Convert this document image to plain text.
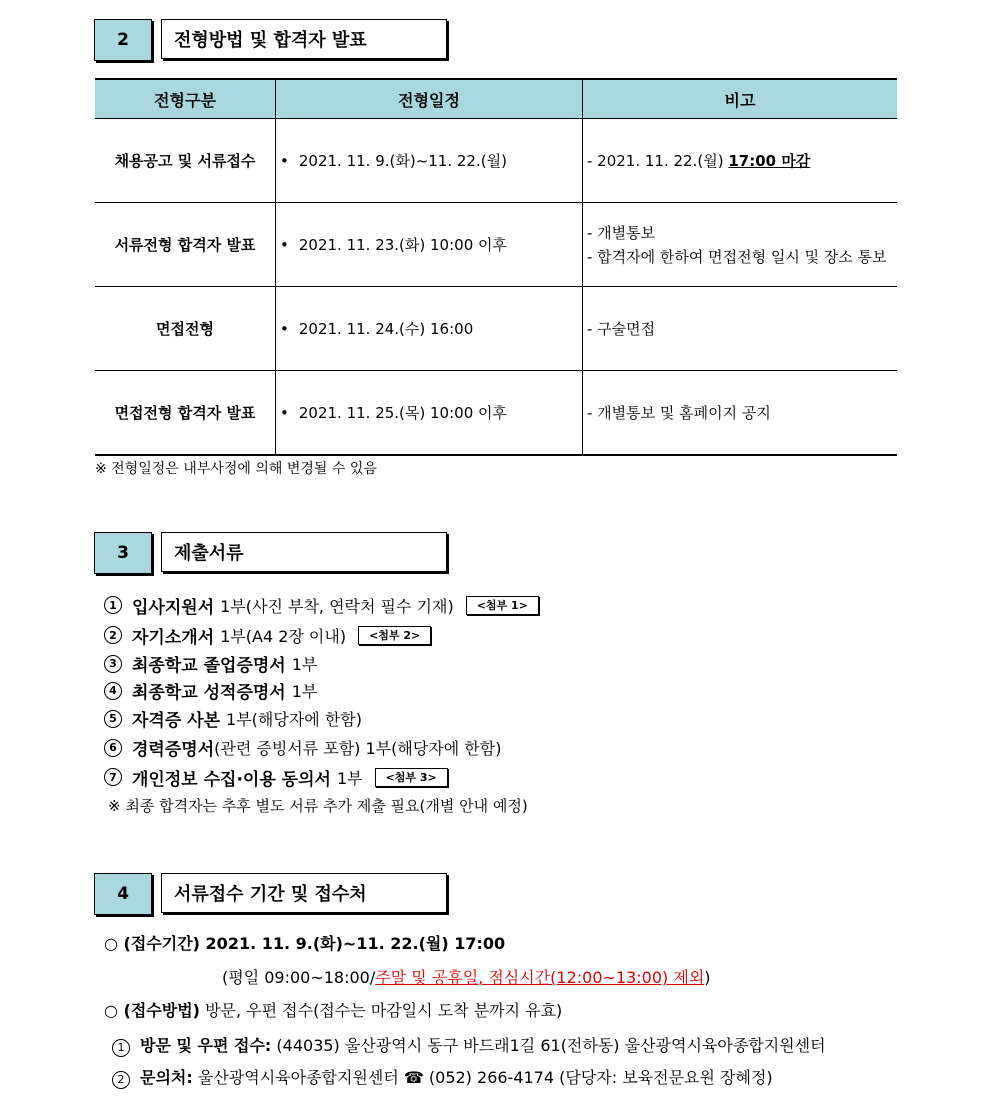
2	전형방법 및 합격자 발표
전형구분	전형일정	비고
채용공고 및 서류접수	• 2021. 11. 9.(화)~11. 22.(월)	- 2021. 11. 22.(월) 17:00 마감
서류전형 합격자 발표	• 2021. 11. 23.(화) 10:00 이후	- 개별통보
- 합격자에 한하여 면접전형 일시 및 장소 통보

면접전형	• 2021. 11. 24.(수) 16:00	- 구술면접
면접전형 합격자 발표	• 2021. 11. 25.(목) 10:00 이후	- 개별통보 및 홈페이지 공지
※ 전형일정은 내부사정에 의해 변경될 수 있음
3	제출서류
1 입사지원서 1부(사진 부착, 연락처 필수 기재)	<첨부 1>
2 자기소개서 1부(A4 2장 이내)	<첨부 2>
3 최종학교 졸업증명서 1부
4 최종학교 성적증명서 1부
5 자격증 사본 1부(해당자에 한함)
6 경력증명서 (관련 증빙서류 포함) 1부(해당자에 한함)
7 개인정보 수집·이용 동의서 1부	<첨부 3>
※ 최종 합격자는 추후 별도 서류 추가 제출 필요(개별 안내 예정)
4	서류접수 기간 및 접수처
○ (접수기간) 2021. 11. 9.(화)~11. 22.(월) 17:00
(평일 09:00~18:00/주말 및 공휴일, 점심시간(12:00~13:00) 제외)
○ (접수방법) 방문, 우편 접수(접수는 마감일시 도착 분까지 유효)
1 방문 및 우편 접수: (44035) 울산광역시 동구 바드래1길 61(전하동) 울산광역시육아종합지원센터
2 문의처: 울산광역시육아종합지원센터 ☎ (052) 266-4174 (담당자: 보육전문요원 장혜정)
